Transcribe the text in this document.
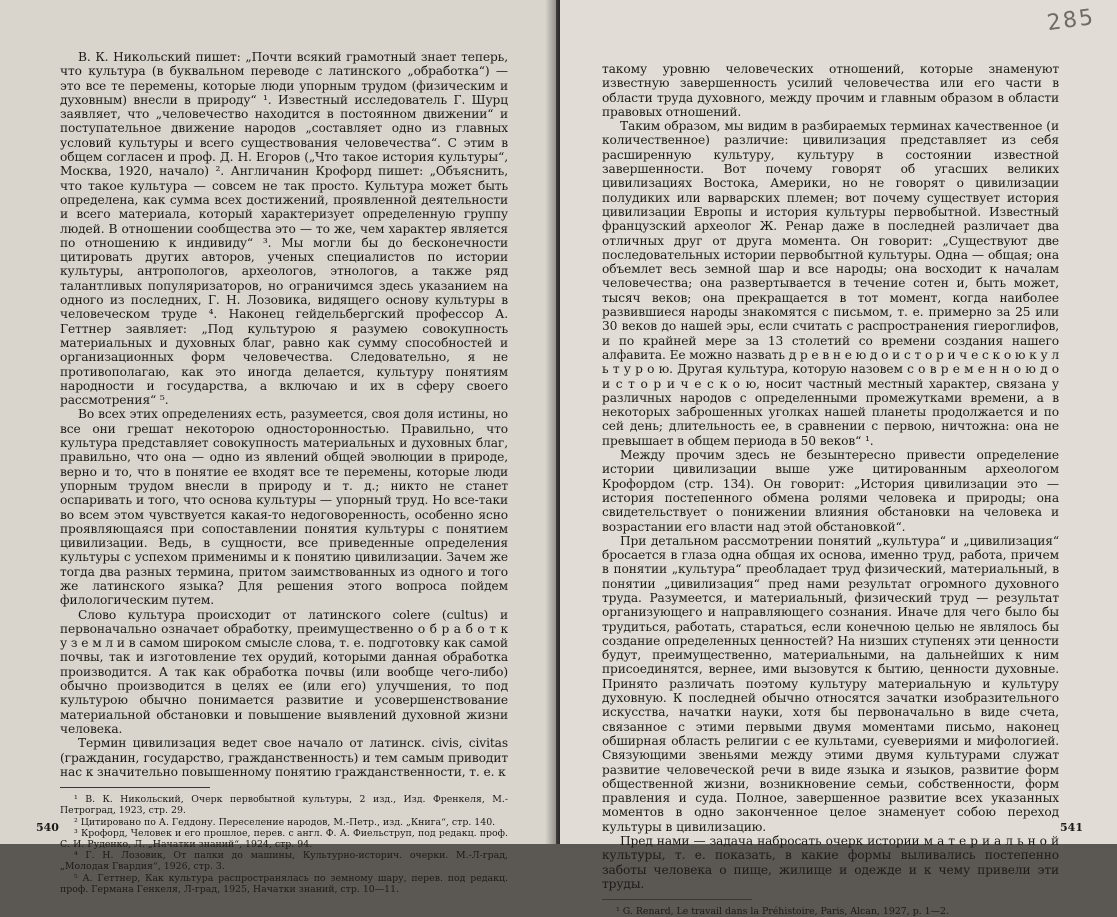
В. К. Никольский пишет: „Почти всякий грамотный знает теперь, что культура (в буквальном переводе с латинского „обработка“) — это все те перемены, которые люди упорным трудом (физическим и духовным) внесли в природу“ ¹. Известный исследователь Г. Шурц заявляет, что „человечество находится в постоянном движении“ и поступательное движение народов „составляет одно из главных условий культуры и всего существования человечества“. С этим в общем согласен и проф. Д. Н. Егоров („Что такое история культуры“, Москва, 1920, начало) ². Англичанин Крофорд пишет: „Объяснить, что такое культура — совсем не так просто. Культура может быть определена, как сумма всех достижений, проявленной деятельности и всего материала, который характеризует определенную группу людей. В отношении сообщества это — то же, чем характер является по отношению к индивиду“ ³. Мы могли бы до бесконечности цитировать других авторов, ученых специалистов по истории культуры, антропологов, археологов, этнологов, а также ряд талантливых популяризаторов, но ограничимся здесь указанием на одного из последних, Г. Н. Лозовика, видящего основу культуры в человеческом труде ⁴. Наконец гейдельбергский профессор А. Геттнер заявляет: „Под культурою я разумею совокупность материальных и духовных благ, равно как сумму способностей и организационных форм человечества. Следовательно, я не противополагаю, как это иногда делается, культуру понятиям народности и государства, а включаю и их в сферу своего рассмотрения“ ⁵.

Во всех этих определениях есть, разумеется, своя доля истины, но все они грешат некоторою односторонностью. Правильно, что культура представляет совокупность материальных и духовных благ, правильно, что она — одно из явлений общей эволюции в природе, верно и то, что в понятие ее входят все те перемены, которые люди упорным трудом внесли в природу и т. д.; никто не станет оспаривать и того, что основа культуры — упорный труд. Но все-таки во всем этом чувствуется какая-то недоговоренность, особенно ясно проявляющаяся при сопоставлении понятия культуры с понятием цивилизации. Ведь, в сущности, все приведенные определения культуры с успехом применимы и к понятию цивилизации. Зачем же тогда два разных термина, притом заимствованных из одного и того же латинского языка? Для решения этого вопроса пойдем филологическим путем.

Слово культура происходит от латинского colere (cultus) и первоначально означает обработку, преимущественно о б р а б о т к у з е м л и в самом широком смысле слова, т. е. подготовку как самой почвы, так и изготовление тех орудий, которыми данная обработка производится. А так как обработка почвы (или вообще чего-либо) обычно производится в целях ее (или его) улучшения, то под культурою обычно понимается развитие и усовершенствование материальной обстановки и повышение выявлений духовной жизни человека.

Термин цивилизация ведет свое начало от латинск. civis, civitas (гражданин, государство, гражданственность) и тем самым приводит нас к значительно повышенному понятию гражданственности, т. е. к

¹ В. К. Никольский, Очерк первобытной культуры, 2 изд., Изд. Френкеля, М.-Петроград, 1923, стр. 29.

² Цитировано по А. Геддону. Переселение народов, М.-Петр., изд. „Книга“, стр. 140.

³ Крофорд, Человек и его прошлое, перев. с англ. Ф. А. Фиельструп, под редакц. проф. С. И. Руденко, Л. „Начатки знаний“, 1924, стр. 94.

⁴ Г. Н. Лозовик, От палки до машины, Культурно-историч. очерки. М.-Л-град, „Молодая Гвардия“, 1926, стр. 3.

⁵ А. Геттнер, Как культура распространялась по земному шару, перев. под редакц. проф. Германа Генкеля, Л-град, 1925, Начатки знаний, стр. 10—11.

540
285

такому уровню человеческих отношений, которые знаменуют известную завершенность усилий человечества или его части в области труда духовного, между прочим и главным образом в области правовых отношений.

Таким образом, мы видим в разбираемых терминах качественное (и количественное) различие: цивилизация представляет из себя расширенную культуру, культуру в состоянии известной завершенности. Вот почему говорят об угасших великих цивилизациях Востока, Америки, но не говорят о цивилизации полудиких или варварских племен; вот почему существует история цивилизации Европы и история культуры первобытной. Известный французский археолог Ж. Ренар даже в последней различает два отличных друг от друга момента. Он говорит: „Существуют две последовательных истории первобытной культуры. Одна — общая; она объемлет весь земной шар и все народы; она восходит к началам человечества; она развертывается в течение сотен и, быть может, тысяч веков; она прекращается в тот момент, когда наиболее развившиеся народы знакомятся с письмом, т. е. примерно за 25 или 30 веков до нашей эры, если считать с распространения гиероглифов, и по крайней мере за 13 столетий со времени создания нашего алфавита. Ее можно назвать д р е в н е ю д о и с т о р и ч е с к о ю к у л ь т у р о ю. Другая культура, которую назовем с о в р е м е н н о ю д о и с т о р и ч е с к о ю, носит частный местный характер, связана у различных народов с определенными промежутками времени, а в некоторых заброшенных уголках нашей планеты продолжается и по сей день; длительность ее, в сравнении с первою, ничтожна: она не превышает в общем периода в 50 веков“ ¹.

Между прочим здесь не безынтересно привести определение истории цивилизации выше уже цитированным археологом Крофордом (стр. 134). Он говорит: „История цивилизации это — история постепенного обмена ролями человека и природы; она свидетельствует о понижении влияния обстановки на человека и возрастании его власти над этой обстановкой“.

При детальном рассмотрении понятий „культура“ и „цивилизация“ бросается в глаза одна общая их основа, именно труд, работа, причем в понятии „культура“ преобладает труд физический, материальный, в понятии „цивилизация“ пред нами результат огромного духовного труда. Разумеется, и материальный, физический труд — результат организующего и направляющего сознания. Иначе для чего было бы трудиться, работать, стараться, если конечною целью не являлось бы создание определенных ценностей? На низших ступенях эти ценности будут, преимущественно, материальными, на дальнейших к ним присоединятся, вернее, ими вызовутся к бытию, ценности духовные. Принято различать поэтому культуру материальную и культуру духовную. К последней обычно относятся зачатки изобразительного искусства, начатки науки, хотя бы первоначально в виде счета, связанное с этими первыми двумя моментами письмо, наконец обширная область религии с ее культами, суевериями и мифологией. Связующими звеньями между этими двумя культурами служат развитие человеческой речи в виде языка и языков, развитие форм общественной жизни, возникновение семьи, собственности, форм правления и суда. Полное, завершенное развитие всех указанных моментов в одно законченное целое знаменует собою переход культуры в цивилизацию.

Пред нами — задача набросать очерк истории м а т е р и а л ь н о й культуры, т. е. показать, в какие формы выливались постепенно заботы человека о пище, жилище и одежде и к чему привели эти труды.

¹ G. Renard, Le travail dans la Préhistoire, Paris, Alcan, 1927, p. 1—2.

541
